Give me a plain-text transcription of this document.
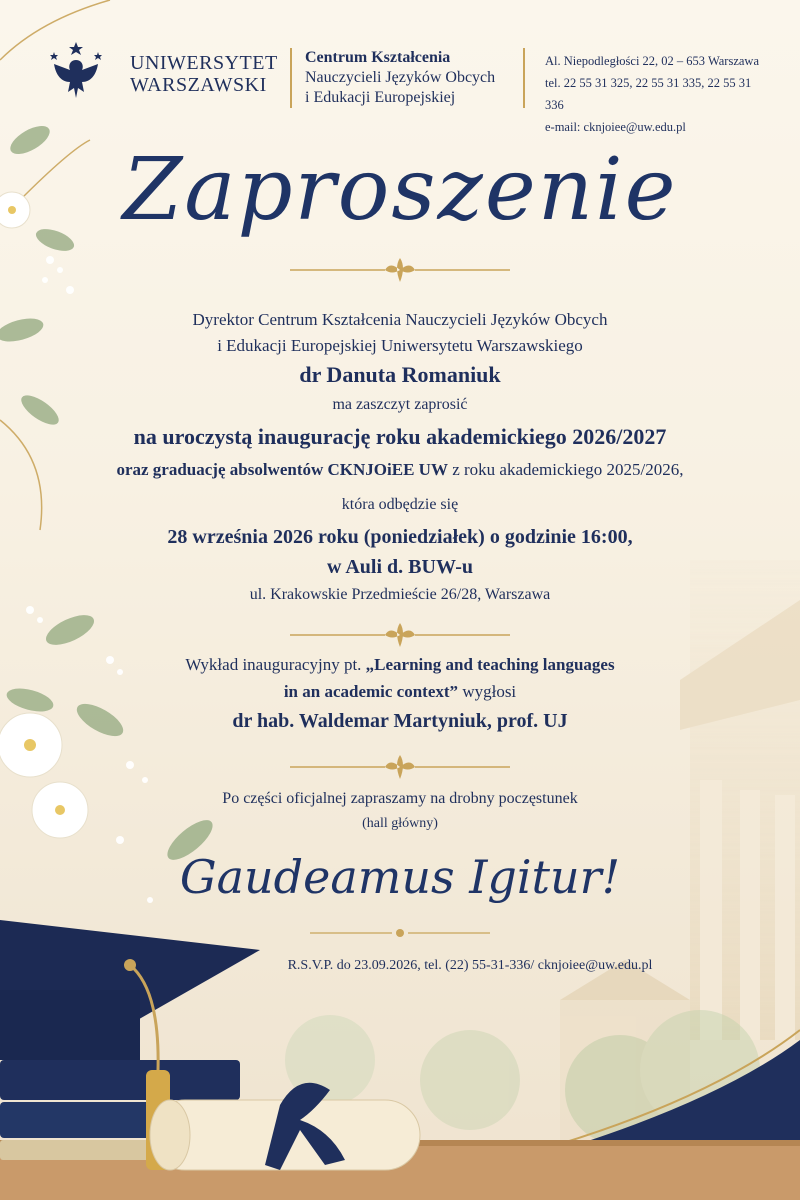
UNIWERSYTET
WARSZAWSKI
Centrum Kształcenia
Nauczycieli Języków Obcych
i Edukacji Europejskiej
Al. Niepodległości 22, 02 – 653 Warszawa
tel. 22 55 31 325, 22 55 31 335, 22 55 31 336
e-mail: cknjoiee@uw.edu.pl
Zaproszenie
Dyrektor Centrum Kształcenia Nauczycieli Języków Obcych
i Edukacji Europejskiej Uniwersytetu Warszawskiego
dr Danuta Romaniuk
ma zaszczyt zaprosić
na uroczystą inaugurację roku akademickiego 2026/2027
oraz graduację absolwentów CKNJOiEE UW z roku akademickiego 2025/2026,
która odbędzie się
28 września 2026 roku (poniedziałek) o godzinie 16:00,
w Auli d. BUW-u
ul. Krakowskie Przedmieście 26/28, Warszawa
Wykład inauguracyjny pt. „Learning and teaching languages
in an academic context” wygłosi
dr hab. Waldemar Martyniuk, prof. UJ
Po części oficjalnej zapraszamy na drobny poczęstunek
(hall główny)
Gaudeamus Igitur!
R.S.V.P. do 23.09.2026, tel. (22) 55-31-336/ cknjoiee@uw.edu.pl
